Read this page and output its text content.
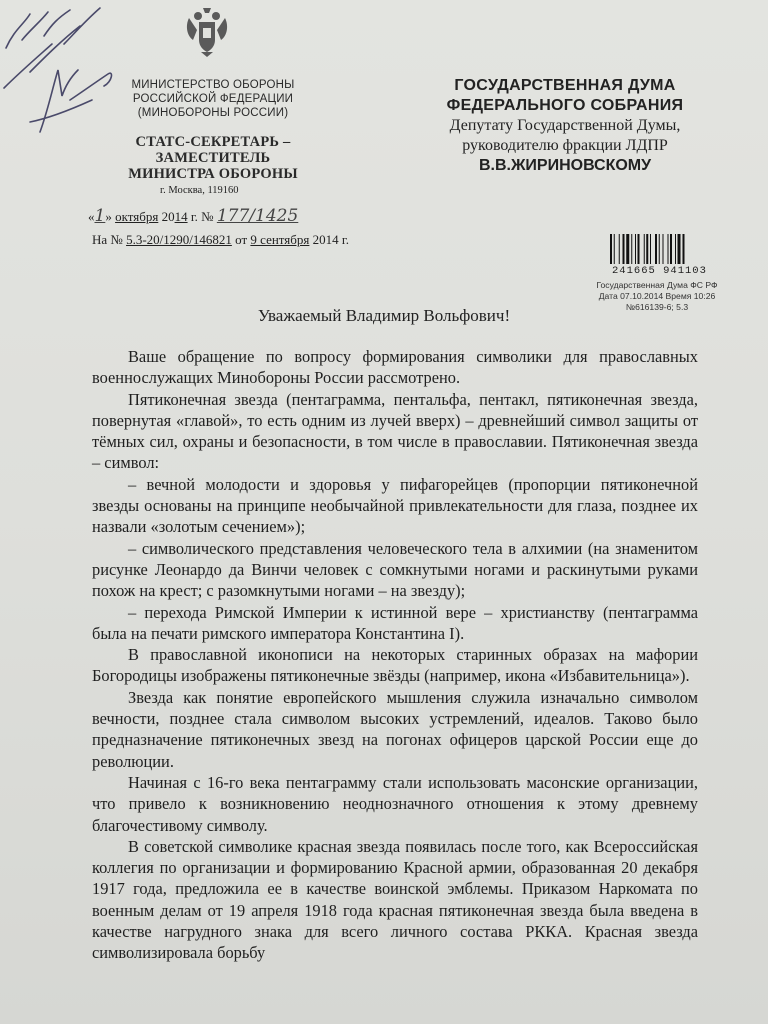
МИНИСТЕРСТВО ОБОРОНЫ
РОССИЙСКОЙ ФЕДЕРАЦИИ
(МИНОБОРОНЫ РОССИИ)
СТАТС-СЕКРЕТАРЬ –
ЗАМЕСТИТЕЛЬ
МИНИСТРА ОБОРОНЫ
г. Москва, 119160
«1» октября 2014 г. № 177/1425
На № 5.3-20/1290/146821 от 9 сентября 2014 г.
ГОСУДАРСТВЕННАЯ ДУМА
ФЕДЕРАЛЬНОГО СОБРАНИЯ
Депутату Государственной Думы,
руководителю фракции ЛДПР
В.В.ЖИРИНОВСКОМУ
241665 941103
Государственная Дума ФС РФ
Дата 07.10.2014 Время 10:26
№616139-6; 5.3
Уважаемый Владимир Вольфович!

Ваше обращение по вопросу формирования символики для православных военнослужащих Минобороны России рассмотрено.

Пятиконечная звезда (пентаграмма, пентальфа, пентакл, пятиконечная звезда, повернутая «главой», то есть одним из лучей вверх) – древнейший символ защиты от тёмных сил, охраны и безопасности, в том числе в православии. Пятиконечная звезда – символ:

– вечной молодости и здоровья у пифагорейцев (пропорции пятиконечной звезды основаны на принципе необычайной привлекательности для глаза, позднее их назвали «золотым сечением»);

– символического представления человеческого тела в алхимии (на знаменитом рисунке Леонардо да Винчи человек с сомкнутыми ногами и раскинутыми руками похож на крест; с разомкнутыми ногами – на звезду);

– перехода Римской Империи к истинной вере – христианству (пентаграмма была на печати римского императора Константина I).

В православной иконописи на некоторых старинных образах на мафории Богородицы изображены пятиконечные звёзды (например, икона «Избавительница»).

Звезда как понятие европейского мышления служила изначально символом вечности, позднее стала символом высоких устремлений, идеалов. Таково было предназначение пятиконечных звезд на погонах офицеров царской России еще до революции.

Начиная с 16-го века пентаграмму стали использовать масонские организации, что привело к возникновению неоднозначного отношения к этому древнему благочестивому символу.

В советской символике красная звезда появилась после того, как Всероссийская коллегия по организации и формированию Красной армии, образованная 20 декабря 1917 года, предложила ее в качестве воинской эмблемы. Приказом Наркомата по военным делам от 19 апреля 1918 года красная пятиконечная звезда была введена в качестве нагрудного знака для всего личного состава РККА. Красная звезда символизировала борьбу
